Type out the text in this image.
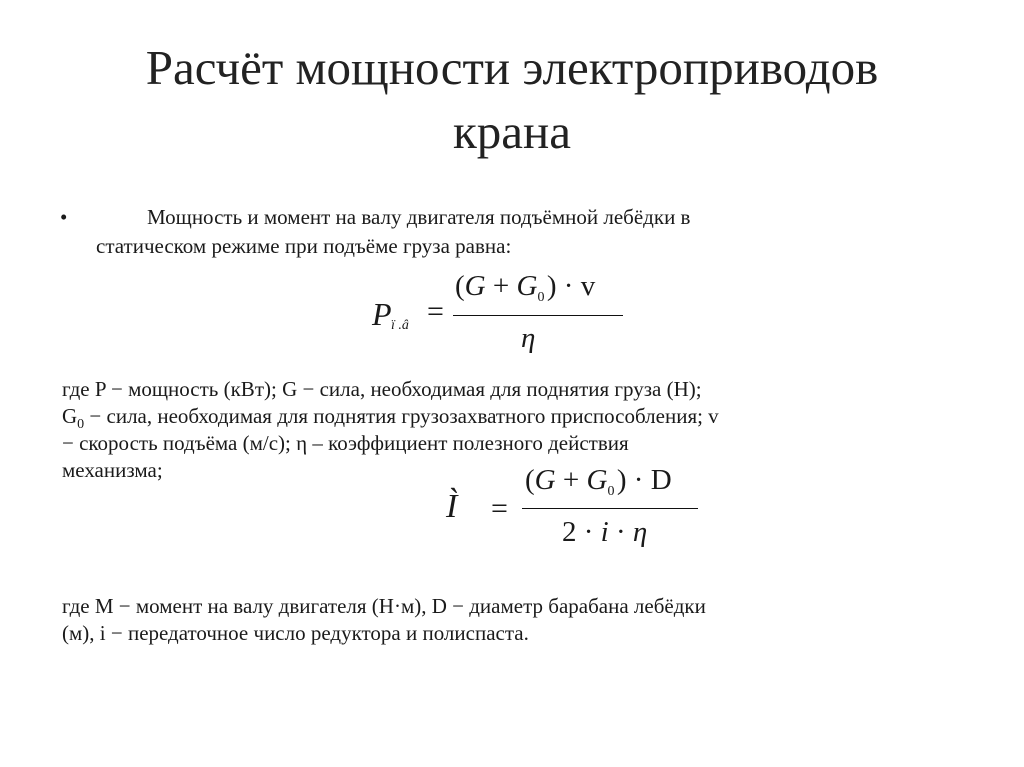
Расчёт мощности электроприводов
крана
•	Мощность и момент на валу двигателя подъёмной лебёдки в
статическом режиме при подъёме груза равна:
P ï .â =
($G + G_0$ ) · v
η
где P − мощность (кВт); G − сила, необходимая для поднятия груза (Н);
$G_0$ − сила, необходимая для поднятия грузозахватного приспособления; v
− скорость подъёма (м/с); η – коэффициент полезного действия
механизма;
Ì =
($G + G_0$ ) · D
2 · i · η
где M − момент на валу двигателя (Н·м), D − диаметр барабана лебёдки
(м), i − передаточное число редуктора и полиспаста.
